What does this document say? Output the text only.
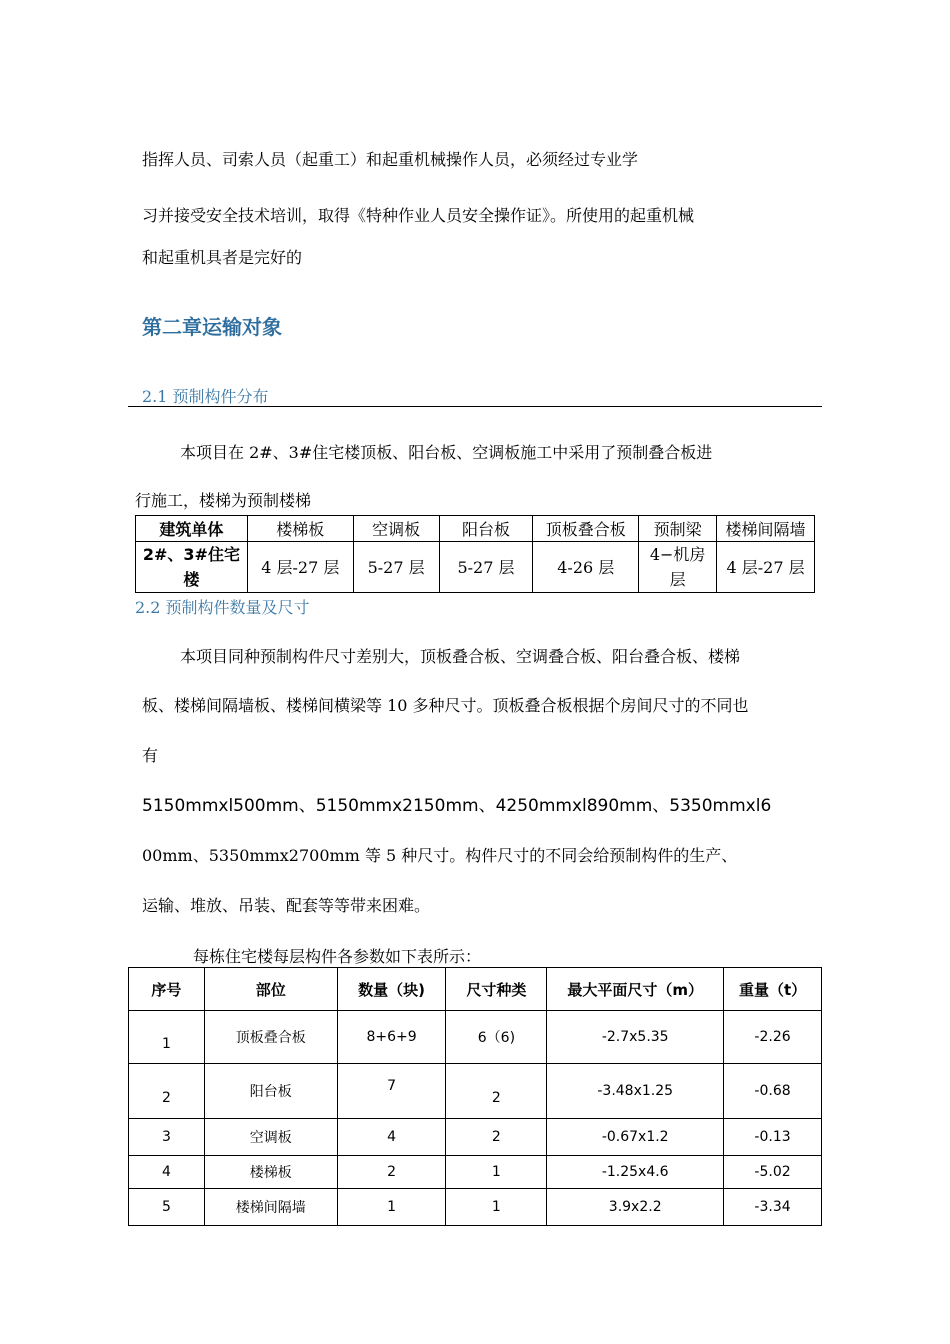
指挥人员、司索人员（起重工）和起重机械操作人员，必须经过专业学
习并接受安全技术培训，取得《特种作业人员安全操作证》。所使用的起重机械
和起重机具者是完好的
第二章运输对象
2.1 预制构件分布
本项目在 2#、3#住宅楼顶板、阳台板、空调板施工中采用了预制叠合板进
行施工，楼梯为预制楼梯
建筑单体	楼梯板	空调板	阳台板	顶板叠合板	预制梁	楼梯间隔墙
2#、3#住宅楼	4 层-27 层	5-27 层	5-27 层	4-26 层	4−机房层	4 层-27 层
2.2 预制构件数量及尺寸
本项目同种预制构件尺寸差别大，顶板叠合板、空调叠合板、阳台叠合板、楼梯
板、楼梯间隔墙板、楼梯间横梁等 10 多种尺寸。顶板叠合板根据个房间尺寸的不同也
有
5150mmxl500mm、5150mmx2150mm、4250mmxl890mm、5350mmxl6
00mm、5350mmx2700mm 等 5 种尺寸。构件尺寸的不同会给预制构件的生产、
运输、堆放、吊装、配套等等带来困难。
每栋住宅楼每层构件各参数如下表所示：
序号	部位	数量（块)	尺寸种类	最大平面尺寸（m）	重量（t）
1	顶板叠合板	8+6+9	6（6)	-2.7x5.35	-2.26
2	阳台板	7	2	-3.48x1.25	-0.68
3	空调板	4	2	-0.67x1.2	-0.13
4	楼梯板	2	1	-1.25x4.6	-5.02
5	楼梯间隔墙	1	1	3.9x2.2	-3.34
